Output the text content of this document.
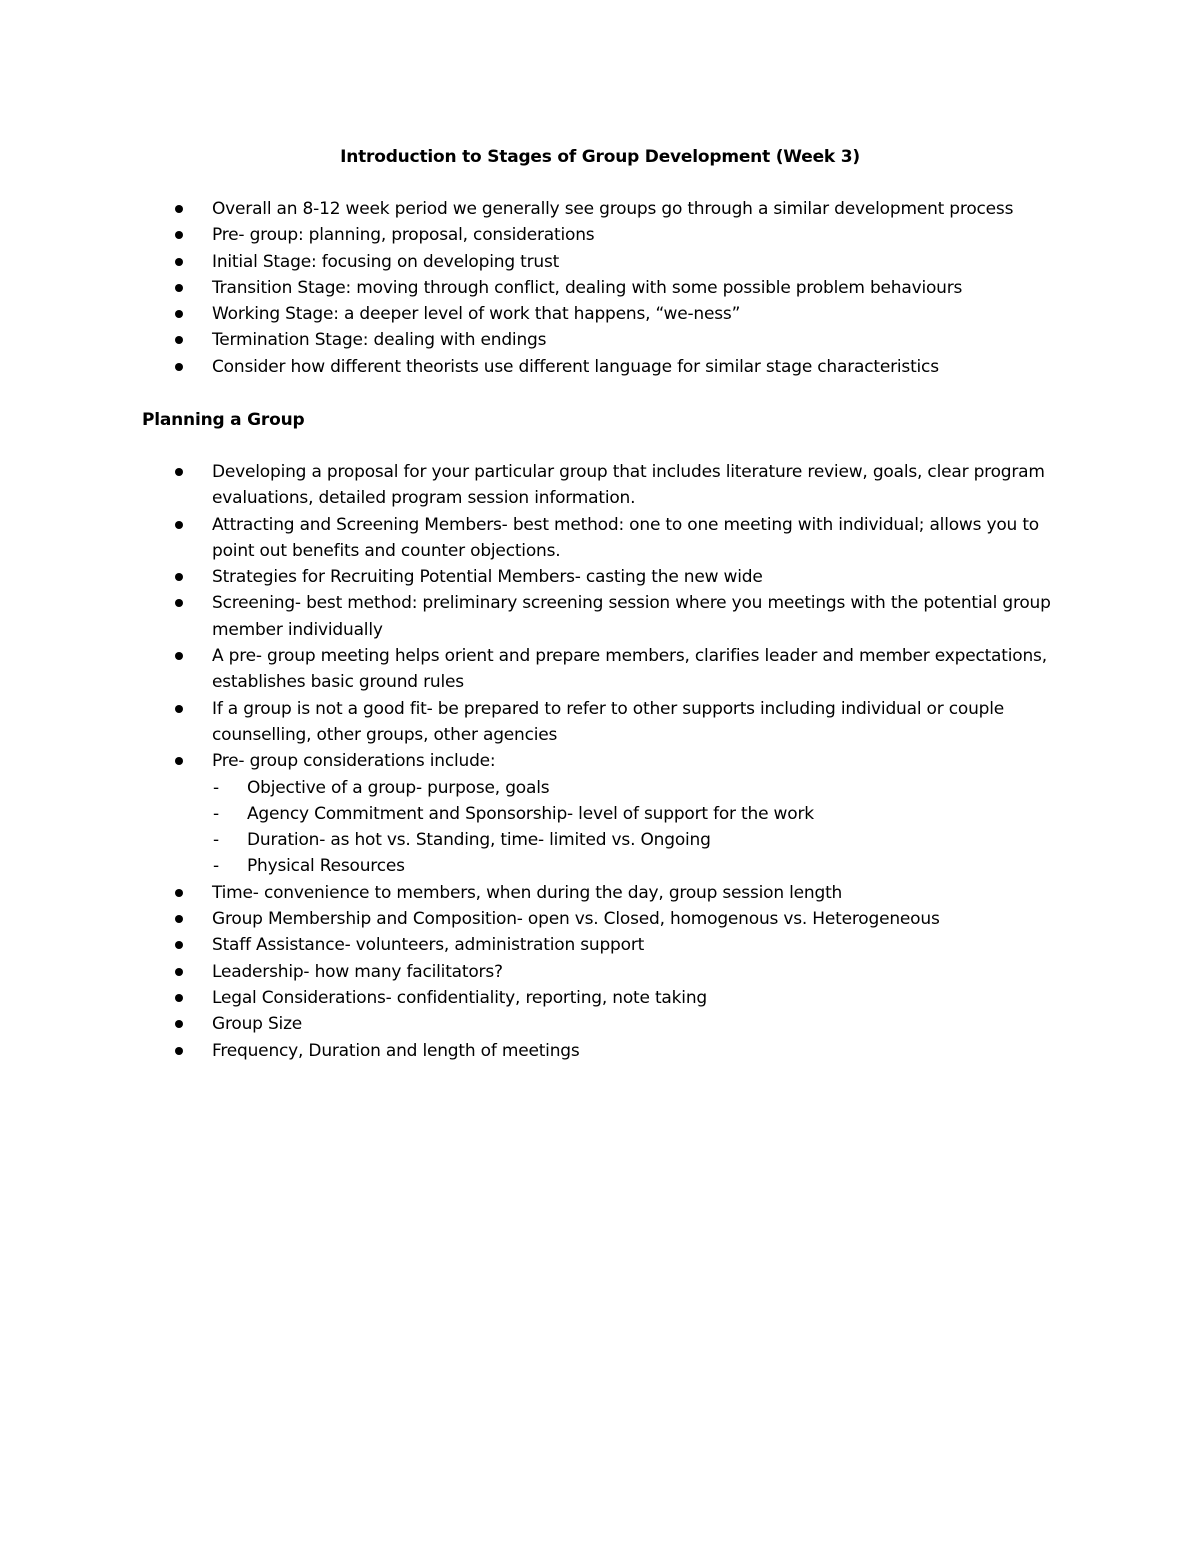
Introduction to Stages of Group Development (Week 3)
Overall an 8-12 week period we generally see groups go through a similar development process
Pre- group: planning, proposal, considerations
Initial Stage: focusing on developing trust
Transition Stage: moving through conflict, dealing with some possible problem behaviours
Working Stage: a deeper level of work that happens, “we-ness”
Termination Stage: dealing with endings
Consider how different theorists use different language for similar stage characteristics
Planning a Group
Developing a proposal for your particular group that includes literature review, goals, clear program evaluations, detailed program session information.
Attracting and Screening Members- best method: one to one meeting with individual; allows you to point out benefits and counter objections.
Strategies for Recruiting Potential Members- casting the new wide
Screening- best method: preliminary screening session where you meetings with the potential group member individually
A pre- group meeting helps orient and prepare members, clarifies leader and member expectations, establishes basic ground rules
If a group is not a good fit- be prepared to refer to other supports including individual or couple counselling, other groups, other agencies
Pre- group considerations include:
- Objective of a group- purpose, goals
- Agency Commitment and Sponsorship- level of support for the work
- Duration- as hot vs. Standing, time- limited vs. Ongoing
- Physical Resources
Time- convenience to members, when during the day, group session length
Group Membership and Composition- open vs. Closed, homogenous vs. Heterogeneous
Staff Assistance- volunteers, administration support
Leadership- how many facilitators?
Legal Considerations- confidentiality, reporting, note taking
Group Size
Frequency, Duration and length of meetings
